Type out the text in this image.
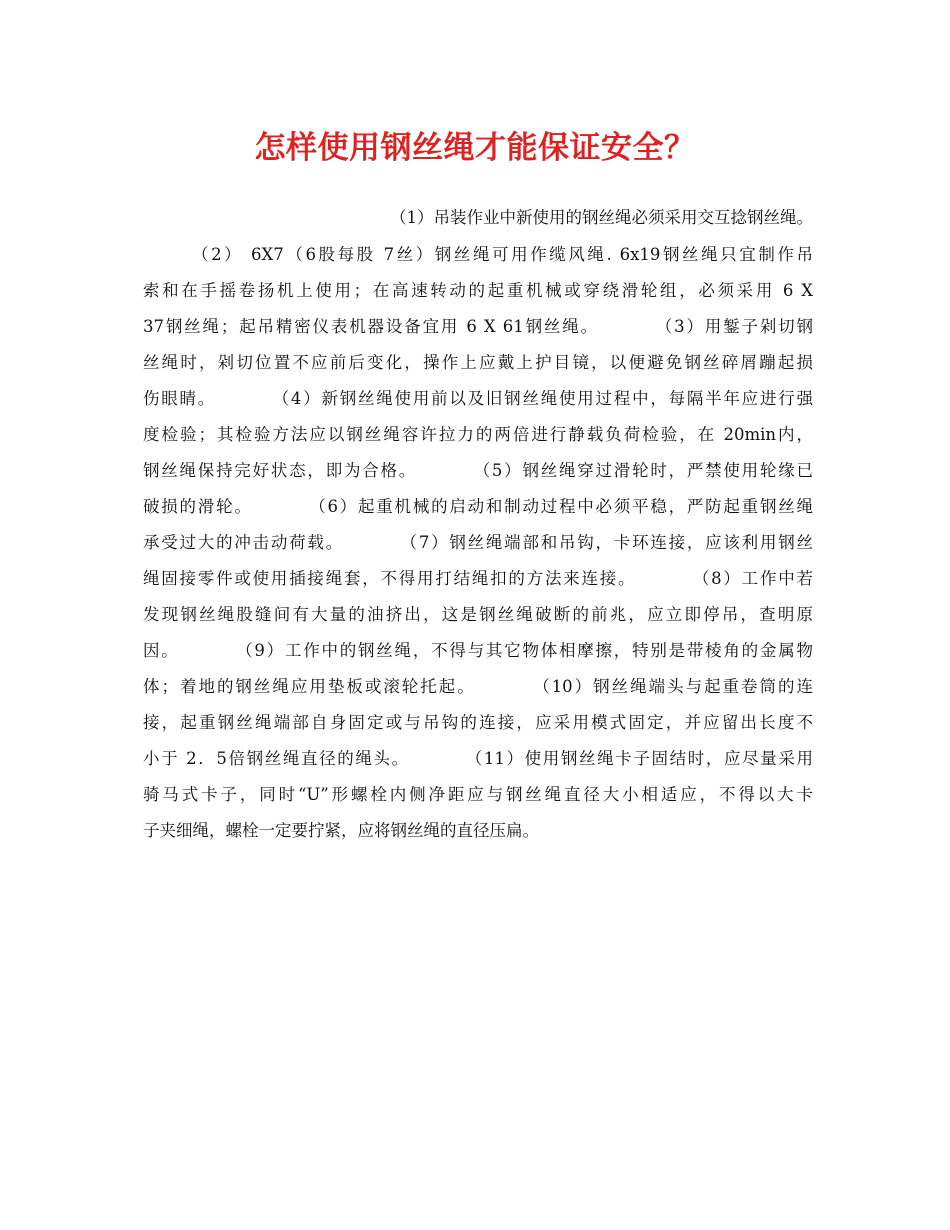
怎样使用钢丝绳才能保证安全？
（1）吊装作业中新使用的钢丝绳必须采用交互捻钢丝绳。
　　　（2） 6X7（6股每股 7丝）钢丝绳可用作缆风绳. 6x19钢丝绳只宜制作吊
索和在手摇卷扬机上使用；在高速转动的起重机械或穿绕滑轮组，必须采用 6 X
37钢丝绳；起吊精密仪表机器设备宜用 6 X 61钢丝绳。　　　　（3）用錾子剁切钢
丝绳时，剁切位置不应前后变化，操作上应戴上护目镜，以便避免钢丝碎屑蹦起损
伤眼睛。　　　　（4）新钢丝绳使用前以及旧钢丝绳使用过程中，每隔半年应进行强
度检验；其检验方法应以钢丝绳容许拉力的两倍进行静载负荷检验，在 20min内，
钢丝绳保持完好状态，即为合格。　　　　（5）钢丝绳穿过滑轮时，严禁使用轮缘已
破损的滑轮。　　　　（6）起重机械的启动和制动过程中必须平稳，严防起重钢丝绳
承受过大的冲击动荷载。　　　　（7）钢丝绳端部和吊钩，卡环连接，应该利用钢丝
绳固接零件或使用插接绳套，不得用打结绳扣的方法来连接。　　　　（8）工作中若
发现钢丝绳股缝间有大量的油挤出，这是钢丝绳破断的前兆，应立即停吊，查明原
因。　　　　（9）工作中的钢丝绳，不得与其它物体相摩擦，特别是带棱角的金属物
体；着地的钢丝绳应用垫板或滚轮托起。　　　　（10）钢丝绳端头与起重卷筒的连
接，起重钢丝绳端部自身固定或与吊钩的连接，应采用模式固定，并应留出长度不
小于 2．5倍钢丝绳直径的绳头。　　　　（11）使用钢丝绳卡子固结时，应尽量采用
骑马式卡子，同时“U”形螺栓内侧净距应与钢丝绳直径大小相适应，不得以大卡
子夹细绳，螺栓一定要拧紧，应将钢丝绳的直径压扁。
